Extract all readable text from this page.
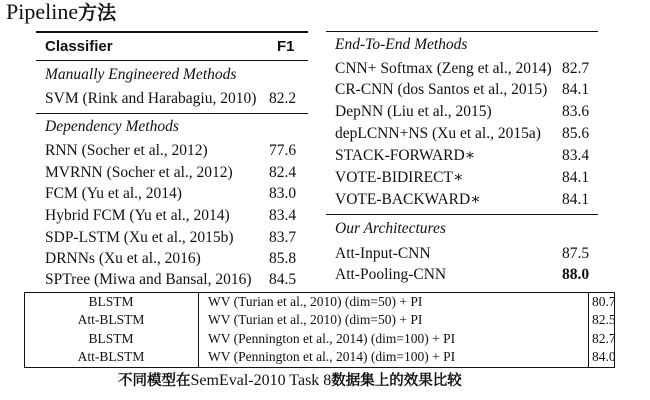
Pipeline方法
Classifier	F1
Manually Engineered Methods
SVM (Rink and Harabagiu, 2010) 82.2
Dependency Methods
RNN (Socher et al., 2012)	77.6
MVRNN (Socher et al., 2012) 82.4
FCM (Yu et al., 2014)	83.0
Hybrid FCM (Yu et al., 2014)	83.4
SDP-LSTM (Xu et al., 2015b) 83.7
DRNNs (Xu et al., 2016)	85.8
SPTree (Miwa and Bansal, 2016) 84.5
End-To-End Methods
CNN+ Softmax (Zeng et al., 2014) 82.7
CR-CNN (dos Santos et al., 2015) 84.1
DepNN (Liu et al., 2015)	83.6
depLCNN+NS (Xu et al., 2015a) 85.6
STACK-FORWARD∗	83.4
VOTE-BIDIRECT∗	84.1
VOTE-BACKWARD∗	84.1
Our Architectures
Att-Input-CNN	87.5
Att-Pooling-CNN	88.0
BLSTM	WV (Turian et al., 2010) (dim=50) + PI	80.7
Att-BLSTM	WV (Turian et al., 2010) (dim=50) + PI	82.5
BLSTM	WV (Pennington et al., 2014) (dim=100) + PI	82.7
Att-BLSTM	WV (Pennington et al., 2014) (dim=100) + PI	84.0
不同模型在SemEval-2010 Task 8数据集上的效果比较
